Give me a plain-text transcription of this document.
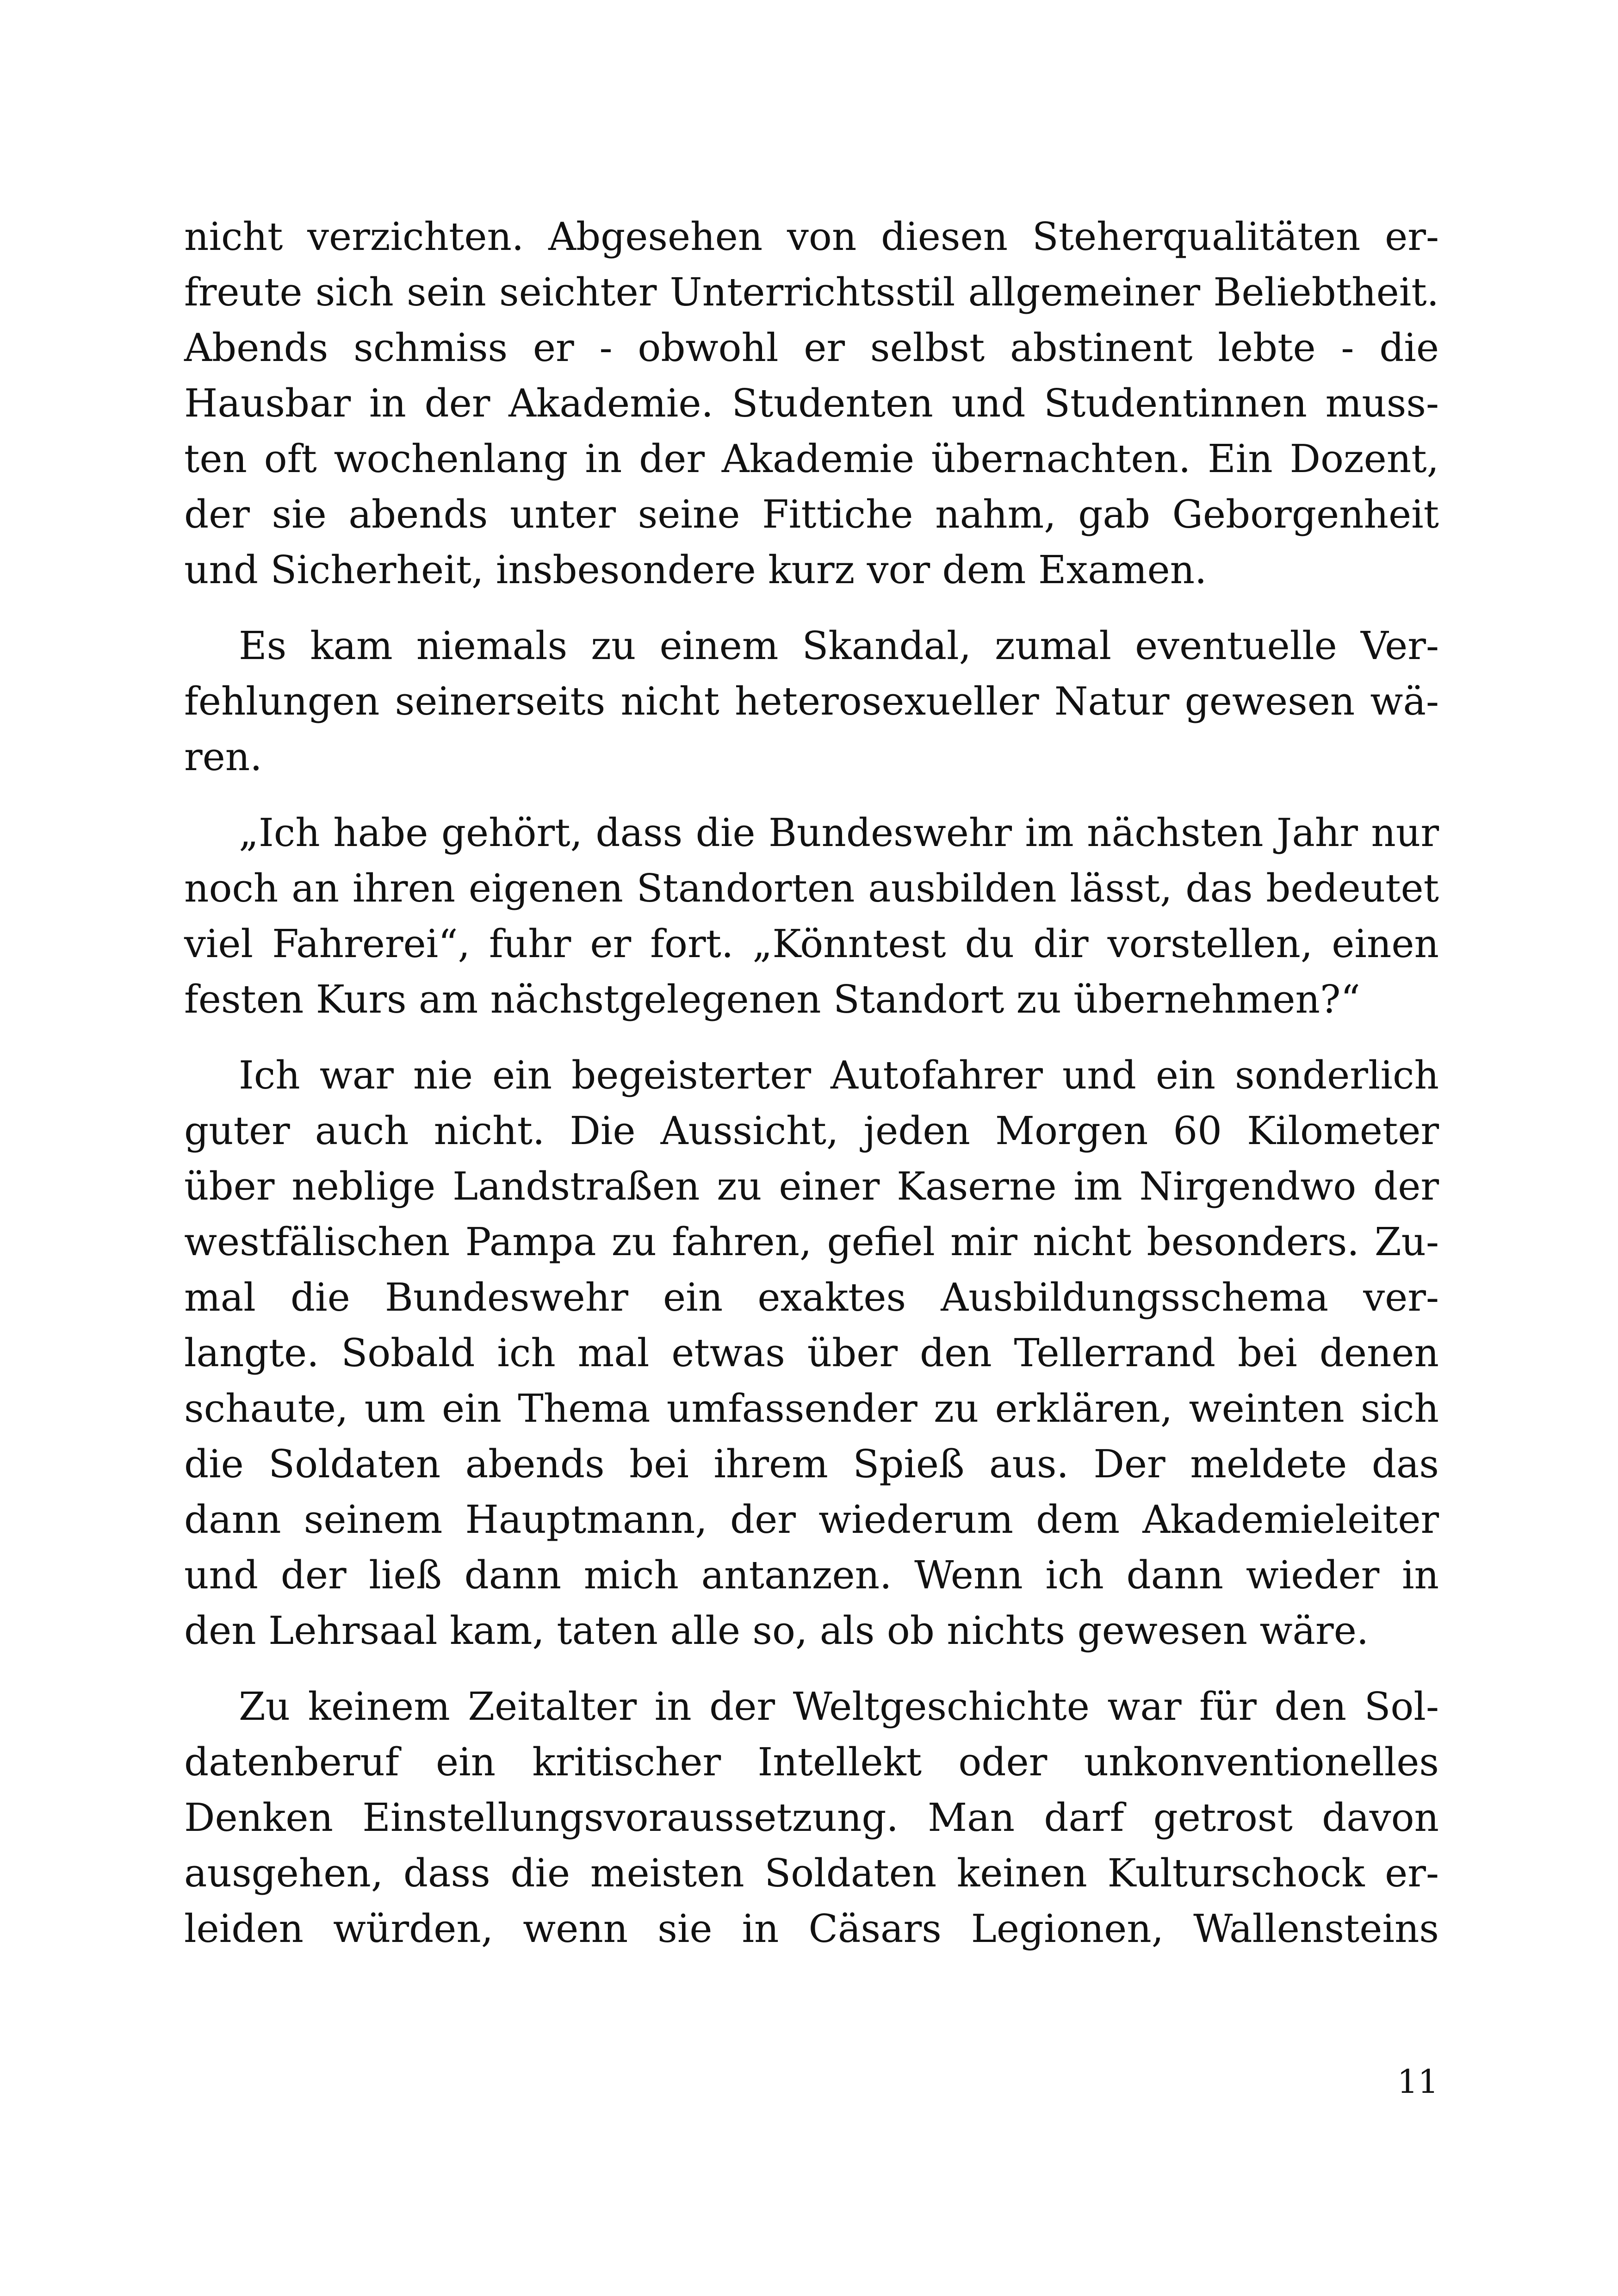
nicht verzichten. Abgesehen von diesen Steherqualitäten er-
freute sich sein seichter Unterrichtsstil allgemeiner Beliebtheit.
Abends schmiss er - obwohl er selbst abstinent lebte - die
Hausbar in der Akademie. Studenten und Studentinnen muss-
ten oft wochenlang in der Akademie übernachten. Ein Dozent,
der sie abends unter seine Fittiche nahm, gab Geborgenheit
und Sicherheit, insbesondere kurz vor dem Examen.
Es kam niemals zu einem Skandal, zumal eventuelle Ver-
fehlungen seinerseits nicht heterosexueller Natur gewesen wä-
ren.
„Ich habe gehört, dass die Bundeswehr im nächsten Jahr nur
noch an ihren eigenen Standorten ausbilden lässt, das bedeutet
viel Fahrerei“, fuhr er fort. „Könntest du dir vorstellen, einen
festen Kurs am nächstgelegenen Standort zu übernehmen?“
Ich war nie ein begeisterter Autofahrer und ein sonderlich
guter auch nicht. Die Aussicht, jeden Morgen 60 Kilometer
über neblige Landstraßen zu einer Kaserne im Nirgendwo der
westfälischen Pampa zu fahren, gefiel mir nicht besonders. Zu-
mal die Bundeswehr ein exaktes Ausbildungsschema ver-
langte. Sobald ich mal etwas über den Tellerrand bei denen
schaute, um ein Thema umfassender zu erklären, weinten sich
die Soldaten abends bei ihrem Spieß aus. Der meldete das
dann seinem Hauptmann, der wiederum dem Akademieleiter
und der ließ dann mich antanzen. Wenn ich dann wieder in
den Lehrsaal kam, taten alle so, als ob nichts gewesen wäre.
Zu keinem Zeitalter in der Weltgeschichte war für den Sol-
datenberuf ein kritischer Intellekt oder unkonventionelles
Denken Einstellungsvoraussetzung. Man darf getrost davon
ausgehen, dass die meisten Soldaten keinen Kulturschock er-
leiden würden, wenn sie in Cäsars Legionen, Wallensteins
11
